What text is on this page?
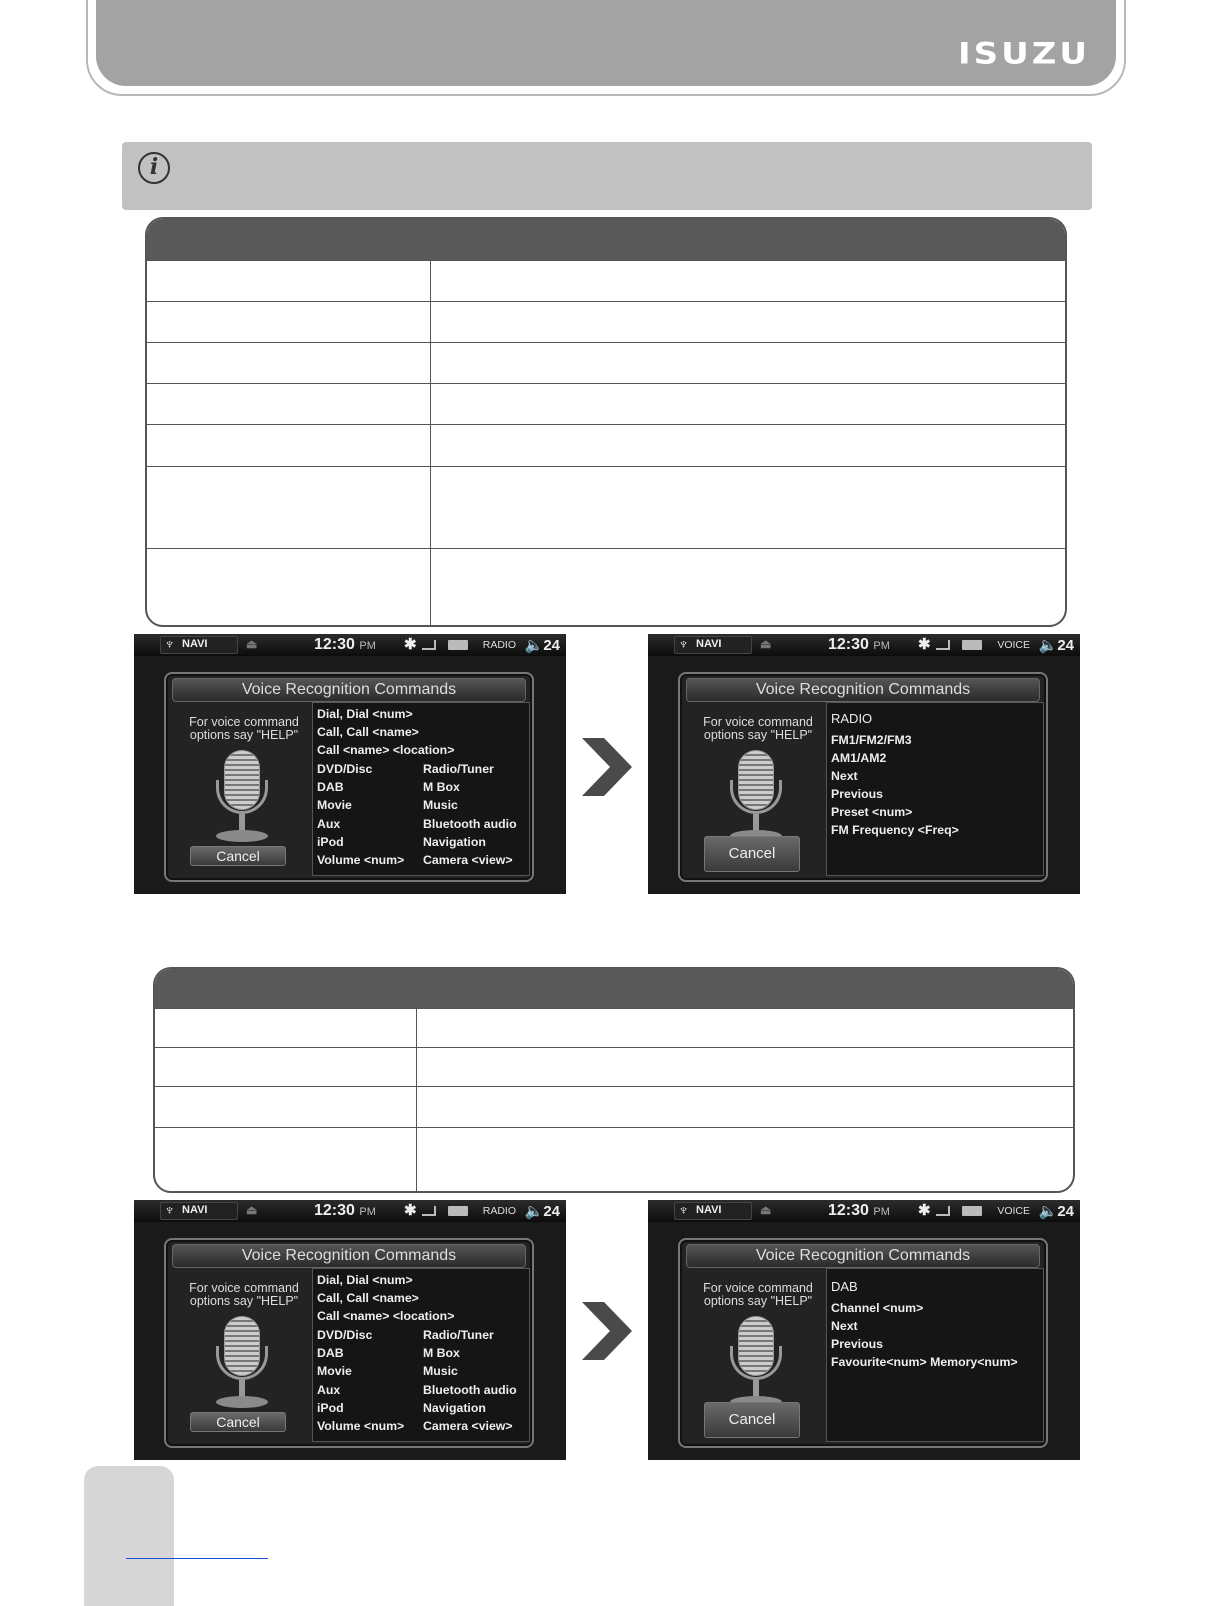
ISUZU
i
♆ NAVI	⏏	12:30 PM ✱	RADIO 🔈24
Voice Recognition Commands
For voice command options say "HELP"
Cancel
Dial, Dial <num>
Call, Call <name>
Call <name> <location>
DVD/Disc	Radio/Tuner
DAB	M Box
Movie	Music
Aux	Bluetooth audio
iPod	Navigation
Volume <num> Camera <view>
♆ NAVI	⏏	12:30 PM ✱	VOICE 🔈24
Voice Recognition Commands
For voice command options say "HELP"
Cancel
RADIO
FM1/FM2/FM3
AM1/AM2
Next
Previous
Preset <num>
FM Frequency <Freq>
♆ NAVI	⏏	12:30 PM ✱	RADIO 🔈24
Voice Recognition Commands
For voice command options say "HELP"
Cancel
Dial, Dial <num>
Call, Call <name>
Call <name> <location>
DVD/Disc	Radio/Tuner
DAB	M Box
Movie	Music
Aux	Bluetooth audio
iPod	Navigation
Volume <num> Camera <view>
♆ NAVI	⏏	12:30 PM ✱	VOICE 🔈24
Voice Recognition Commands
For voice command options say "HELP"
Cancel
DAB
Channel <num>
Next
Previous
Favourite<num> Memory<num>
